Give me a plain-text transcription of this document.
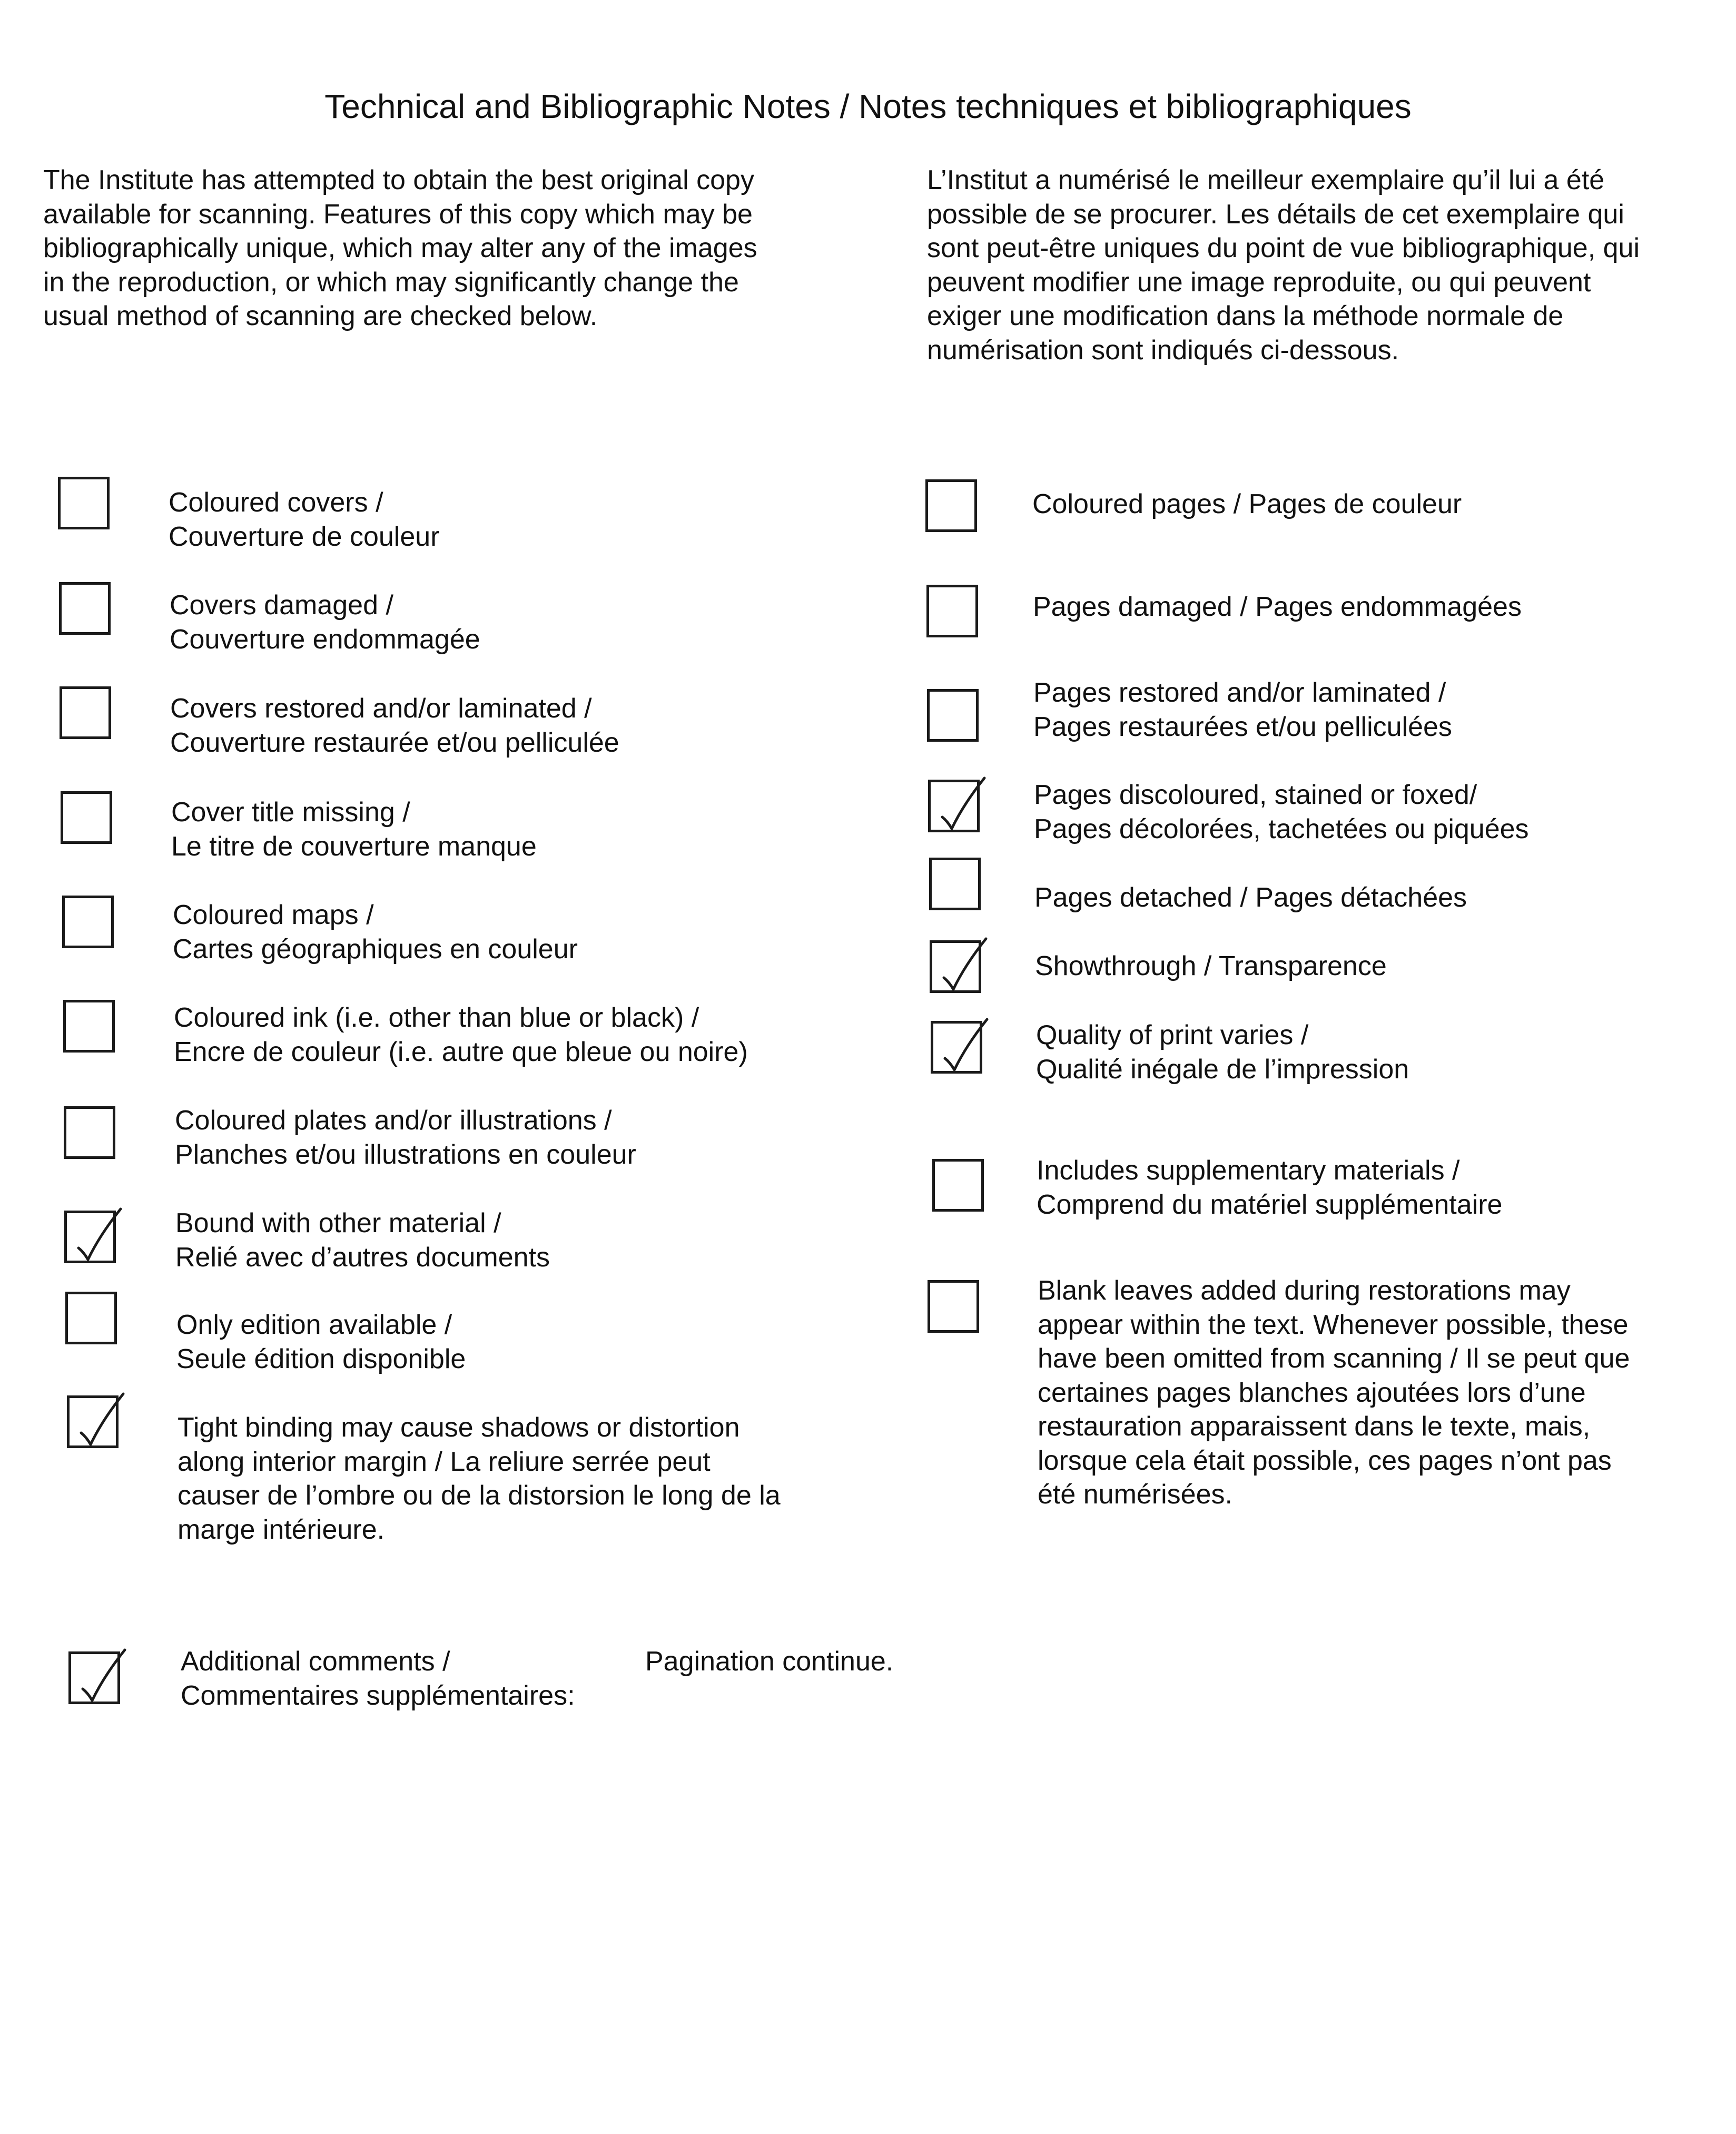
Technical and Bibliographic Notes / Notes techniques et bibliographiques
The Institute has attempted to obtain the best original copy
available for scanning. Features of this copy which may be
bibliographically unique, which may alter any of the images
in the reproduction, or which may significantly change the
usual method of scanning are checked below.
L’Institut a numérisé le meilleur exemplaire qu’il lui a été
possible de se procurer. Les détails de cet exemplaire qui
sont peut-être uniques du point de vue bibliographique, qui
peuvent modifier une image reproduite, ou qui peuvent
exiger une modification dans la méthode normale de
numérisation sont indiqués ci-dessous.
Coloured covers /
Couverture de couleur
Covers damaged /
Couverture endommagée
Covers restored and/or laminated /
Couverture restaurée et/ou pelliculée
Cover title missing /
Le titre de couverture manque
Coloured maps /
Cartes géographiques en couleur
Coloured ink (i.e. other than blue or black) /
Encre de couleur (i.e. autre que bleue ou noire)
Coloured plates and/or illustrations /
Planches et/ou illustrations en couleur
Bound with other material /
Relié avec d’autres documents
Only edition available /
Seule édition disponible
Tight binding may cause shadows or distortion
along interior margin / La reliure serrée peut
causer de l’ombre ou de la distorsion le long de la
marge intérieure.
Coloured pages / Pages de couleur
Pages damaged / Pages endommagées
Pages restored and/or laminated /
Pages restaurées et/ou pelliculées
Pages discoloured, stained or foxed/
Pages décolorées, tachetées ou piquées
Pages detached / Pages détachées
Showthrough / Transparence
Quality of print varies /
Qualité inégale de l’impression
Includes supplementary materials /
Comprend du matériel supplémentaire
Blank leaves added during restorations may
appear within the text. Whenever possible, these
have been omitted from scanning / Il se peut que
certaines pages blanches ajoutées lors d’une
restauration apparaissent dans le texte, mais,
lorsque cela était possible, ces pages n’ont pas
été numérisées.
Additional comments /
Commentaires supplémentaires:
Pagination continue.
